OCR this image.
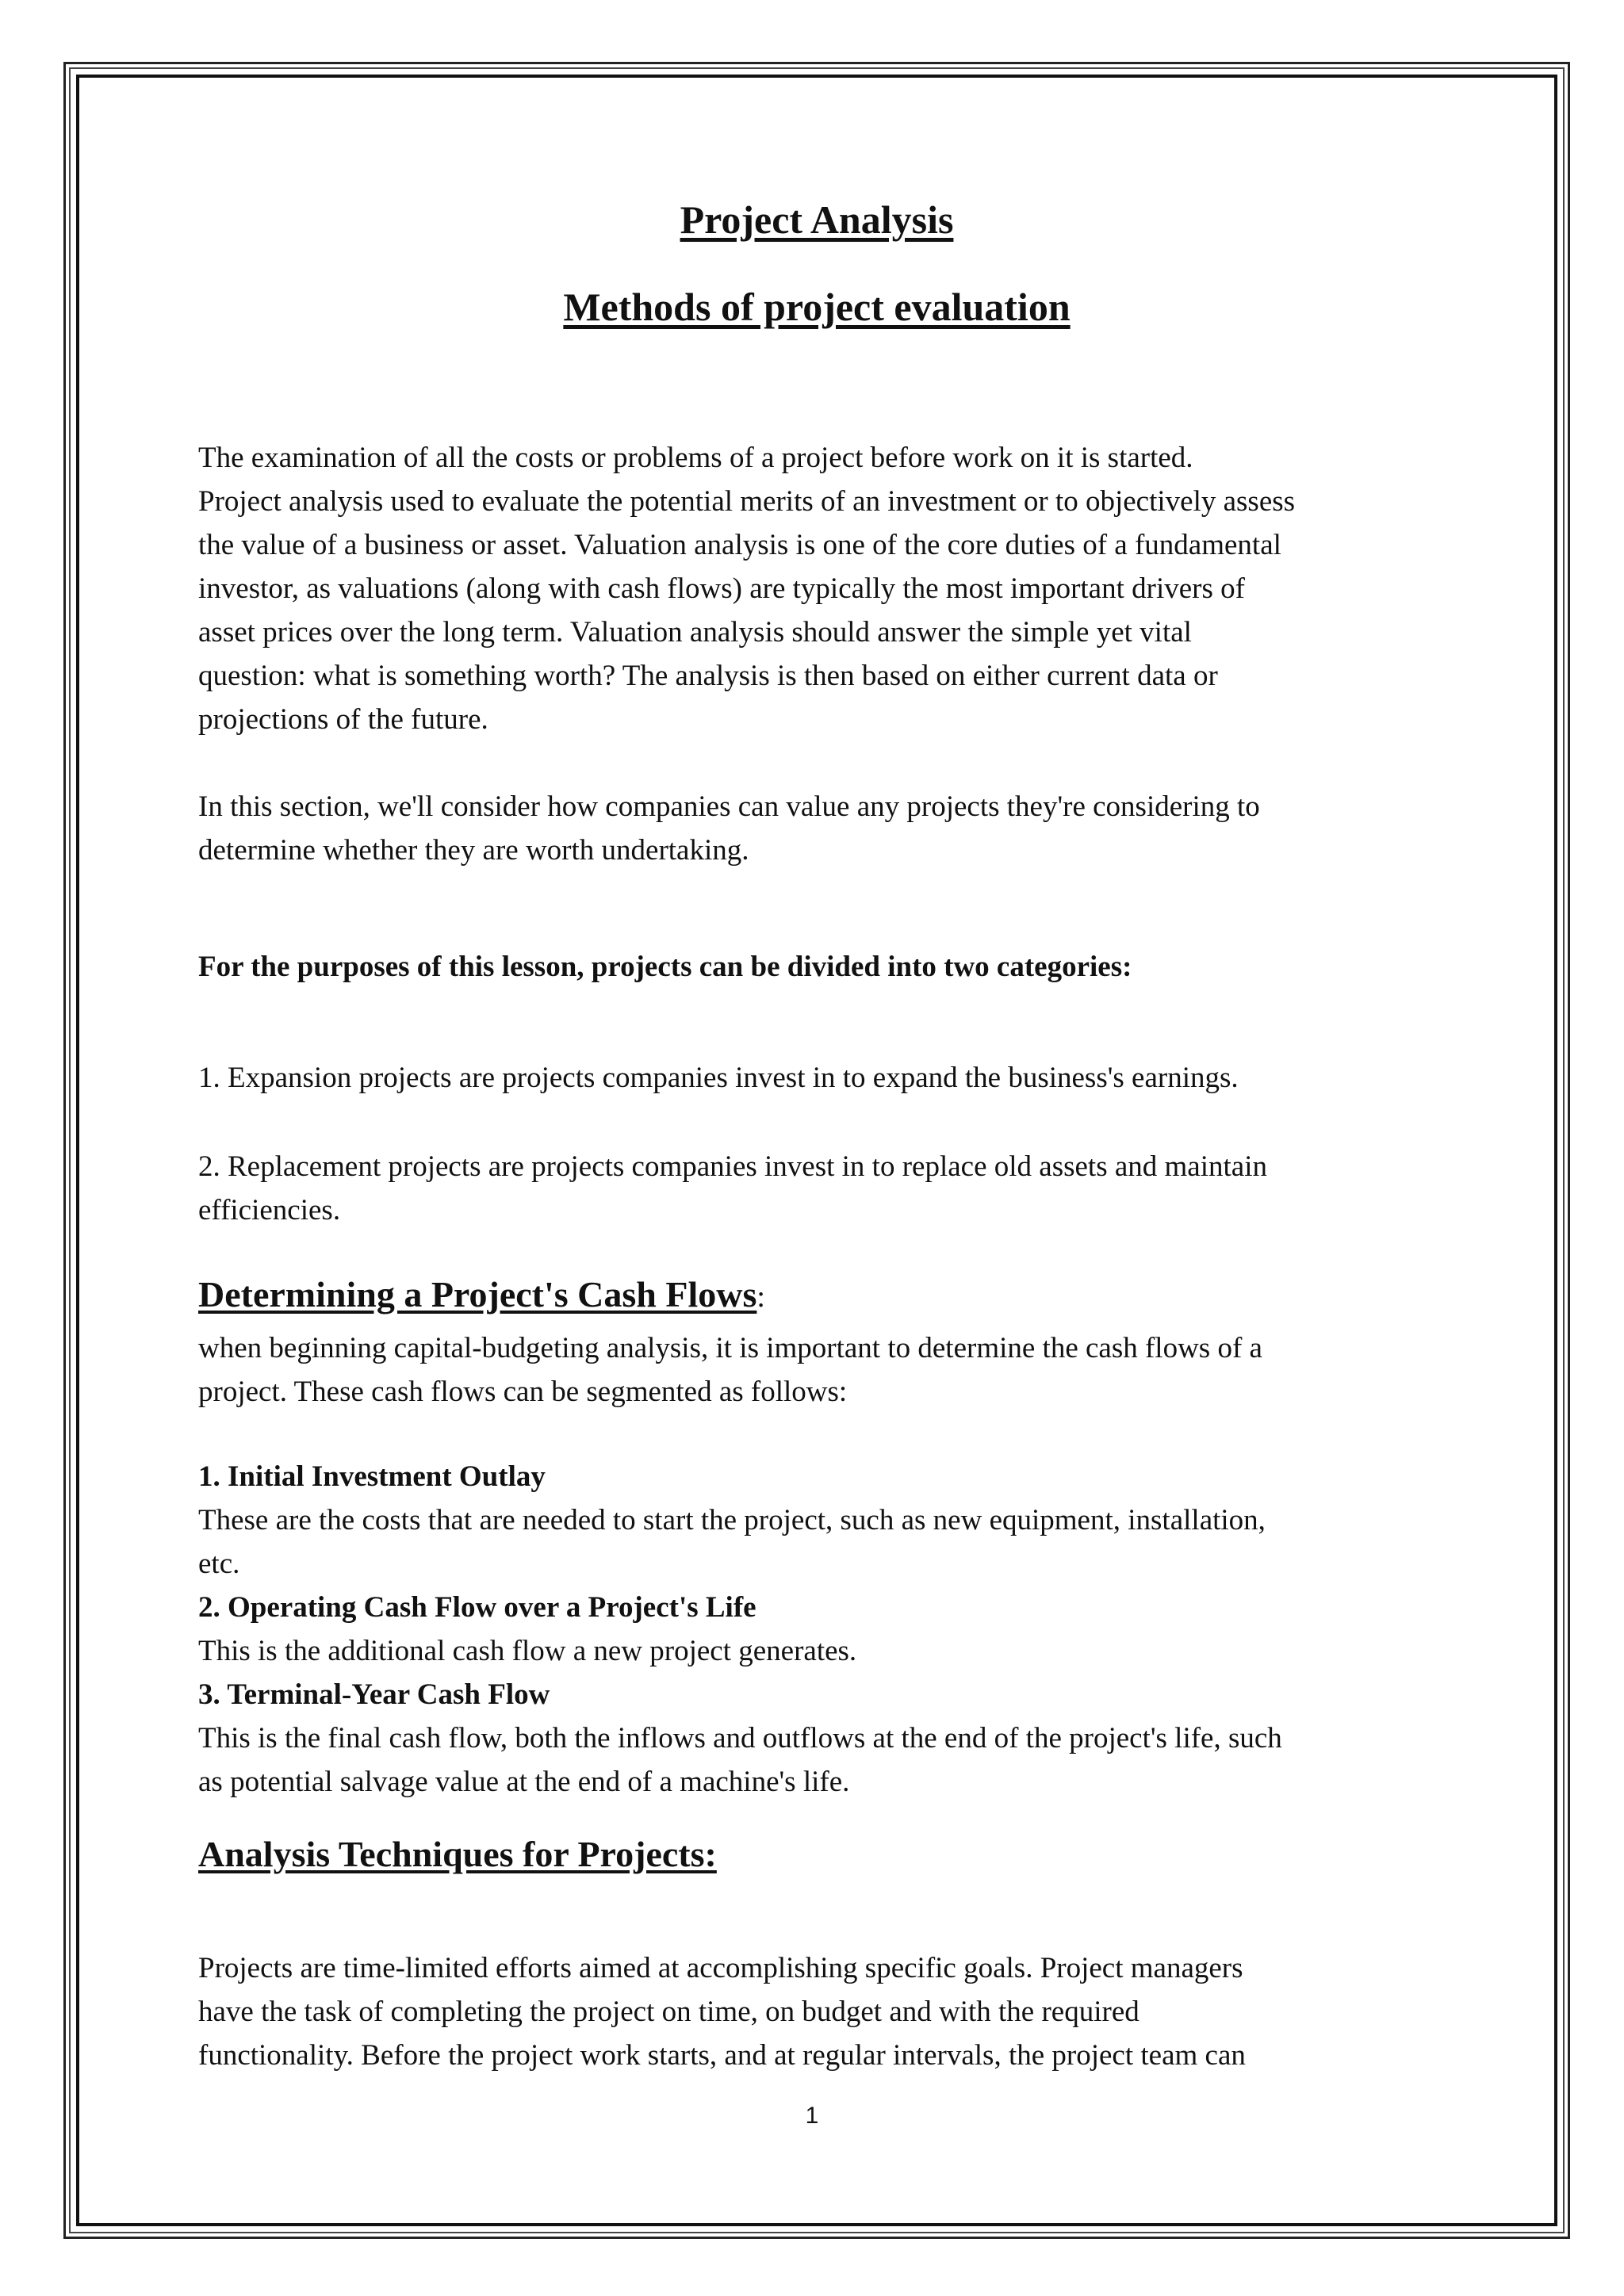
Project Analysis
Methods of project evaluation

The examination of all the costs or problems of a project before work on it is started.
Project analysis used to evaluate the potential merits of an investment or to objectively assess
the value of a business or asset. Valuation analysis is one of the core duties of a fundamental
investor, as valuations (along with cash flows) are typically the most important drivers of
asset prices over the long term. Valuation analysis should answer the simple yet vital
question: what is something worth? The analysis is then based on either current data or
projections of the future.

In this section, we'll consider how companies can value any projects they're considering to
determine whether they are worth undertaking.

For the purposes of this lesson, projects can be divided into two categories:

1. Expansion projects are projects companies invest in to expand the business's earnings.

2. Replacement projects are projects companies invest in to replace old assets and maintain
efficiencies.

Determining a Project's Cash Flows:

when beginning capital-budgeting analysis, it is important to determine the cash flows of a
project. These cash flows can be segmented as follows:

1. Initial Investment Outlay

These are the costs that are needed to start the project, such as new equipment, installation,
etc.

2. Operating Cash Flow over a Project's Life

This is the additional cash flow a new project generates.

3. Terminal-Year Cash Flow

This is the final cash flow, both the inflows and outflows at the end of the project's life, such
as potential salvage value at the end of a machine's life.

Analysis Techniques for Projects:

Projects are time-limited efforts aimed at accomplishing specific goals. Project managers
have the task of completing the project on time, on budget and with the required
functionality. Before the project work starts, and at regular intervals, the project team can

1
